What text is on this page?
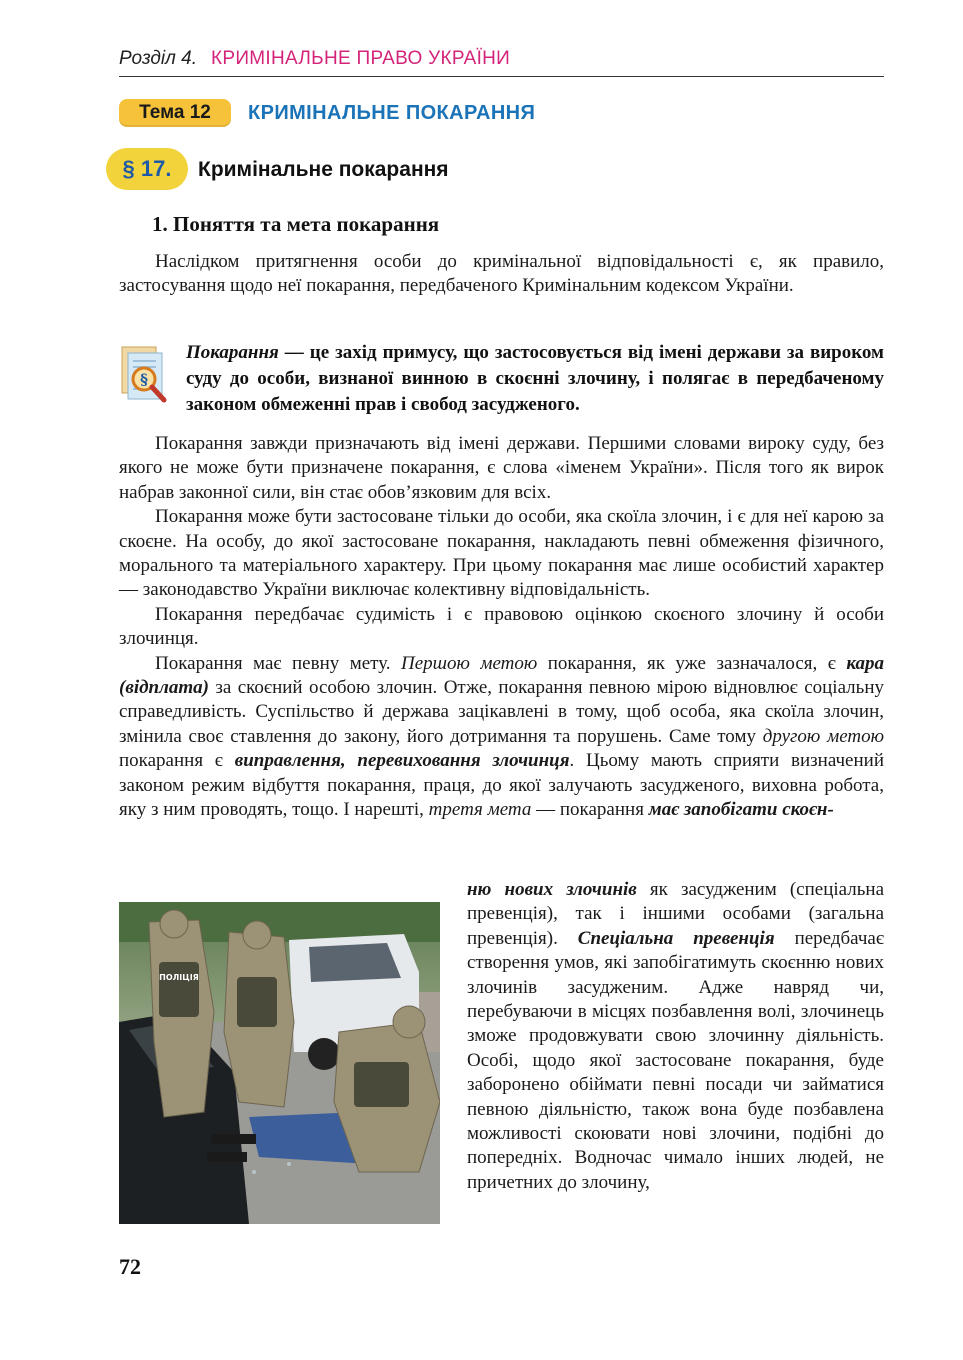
Розділ 4. КРИМІНАЛЬНЕ ПРАВО УКРАЇНИ
Тема 12	КРИМІНАЛЬНЕ ПОКАРАННЯ
§ 17.	Кримінальне покарання
1. Поняття та мета покарання

Наслідком притягнення особи до кримінальної відповідальності є, як правило, застосування щодо неї покарання, передбаченого Кримінальним кодексом України.

§
Покарання — це захід примусу, що застосовується від імені держави за вироком суду до особи, визнаної винною в скоєнні злочину, і полягає в передбаченому законом обмеженні прав і свобод засудженого.

Покарання завжди призначають від імені держави. Першими словами вироку суду, без якого не може бути призначене покарання, є слова «іменем України». Після того як вирок набрав законної сили, він стає обов’язковим для всіх.

Покарання може бути застосоване тільки до особи, яка скоїла злочин, і є для неї карою за скоєне. На особу, до якої застосоване покарання, накладають певні обмеження фізичного, морального та матеріального характеру. При цьому покарання має лише особистий характер — законодавство України виключає колективну відповідальність.

Покарання передбачає судимість і є правовою оцінкою скоєного злочину й особи злочинця.

Покарання має певну мету. Першою метою покарання, як уже зазначалося, є кара (відплата) за скоєний особою злочин. Отже, покарання певною мірою відновлює соціальну справедливість. Суспільство й держава зацікавлені в тому, щоб особа, яка скоїла злочин, змінила своє ставлення до закону, його дотримання та порушень. Саме тому другою метою покарання є виправлення, перевиховання злочинця. Цьому мають сприяти визначений законом режим відбуття покарання, праця, до якої залучають засудженого, виховна робота, яку з ним проводять, тощо. І нарешті, третя мета — покарання має запобігати скоєн-

ПОЛІЦІЯ

ню нових злочинів як засудженим (спеціальна превенція), так і іншими особами (загальна превенція). Спеціальна превенція передбачає створення умов, які запобігатимуть скоєнню нових злочинів засудженим. Адже навряд чи, перебуваючи в місцях позбавлення волі, злочинець зможе продовжувати свою злочинну діяльність. Особі, щодо якої застосоване покарання, буде заборонено обіймати певні посади чи займатися певною діяльністю, також вона буде позбавлена можливості скоювати нові злочини, подібні до попередніх. Водночас чимало інших людей, не причетних до злочину,

72
